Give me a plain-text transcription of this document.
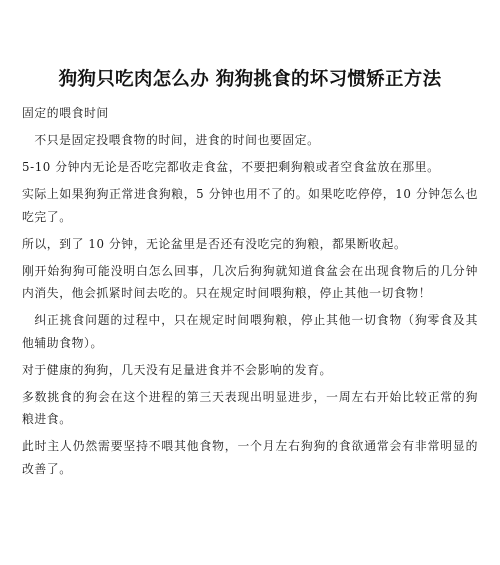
狗狗只吃肉怎么办 狗狗挑食的坏习惯矫正方法

固定的喂食时间

不只是固定投喂食物的时间，进食的时间也要固定。

5-10 分钟内无论是否吃完都收走食盆，不要把剩狗粮或者空食盆放在那里。

实际上如果狗狗正常进食狗粮，5 分钟也用不了的。如果吃吃停停，10 分钟怎么也吃完了。

所以，到了 10 分钟，无论盆里是否还有没吃完的狗粮，都果断收起。

刚开始狗狗可能没明白怎么回事，几次后狗狗就知道食盆会在出现食物后的几分钟内消失，他会抓紧时间去吃的。只在规定时间喂狗粮，停止其他一切食物！

纠正挑食问题的过程中，只在规定时间喂狗粮，停止其他一切食物（狗零食及其他辅助食物）。

对于健康的狗狗，几天没有足量进食并不会影响的发育。

多数挑食的狗会在这个进程的第三天表现出明显进步，一周左右开始比较正常的狗粮进食。

此时主人仍然需要坚持不喂其他食物，一个月左右狗狗的食欲通常会有非常明显的改善了。
